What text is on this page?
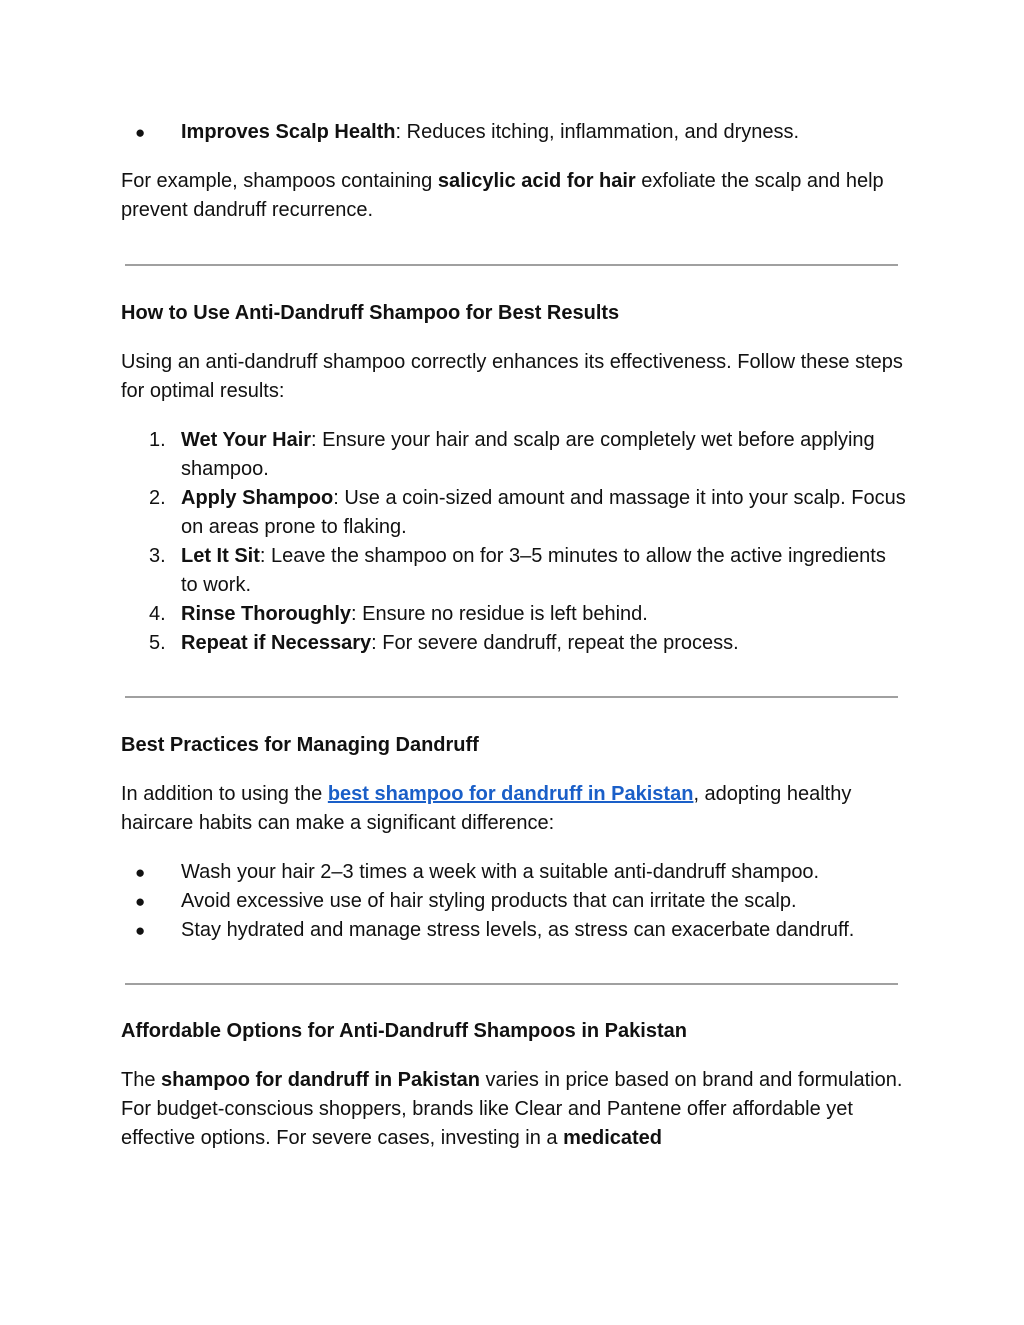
● Improves Scalp Health: Reduces itching, inflammation, and dryness.

For example, shampoos containing salicylic acid for hair exfoliate the scalp and help prevent dandruff recurrence.

How to Use Anti-Dandruff Shampoo for Best Results

Using an anti-dandruff shampoo correctly enhances its effectiveness. Follow these steps for optimal results:

1. Wet Your Hair: Ensure your hair and scalp are completely wet before applying shampoo.
2. Apply Shampoo: Use a coin-sized amount and massage it into your scalp. Focus on areas prone to flaking.
3. Let It Sit: Leave the shampoo on for 3–5 minutes to allow the active ingredients to work.
4. Rinse Thoroughly: Ensure no residue is left behind.
5. Repeat if Necessary: For severe dandruff, repeat the process.
Best Practices for Managing Dandruff

In addition to using the best shampoo for dandruff in Pakistan, adopting healthy haircare habits can make a significant difference:

● Wash your hair 2–3 times a week with a suitable anti-dandruff shampoo.
● Avoid excessive use of hair styling products that can irritate the scalp.
● Stay hydrated and manage stress levels, as stress can exacerbate dandruff.
Affordable Options for Anti-Dandruff Shampoos in Pakistan

The shampoo for dandruff in Pakistan varies in price based on brand and formulation. For budget-conscious shoppers, brands like Clear and Pantene offer affordable yet effective options. For severe cases, investing in a medicated
